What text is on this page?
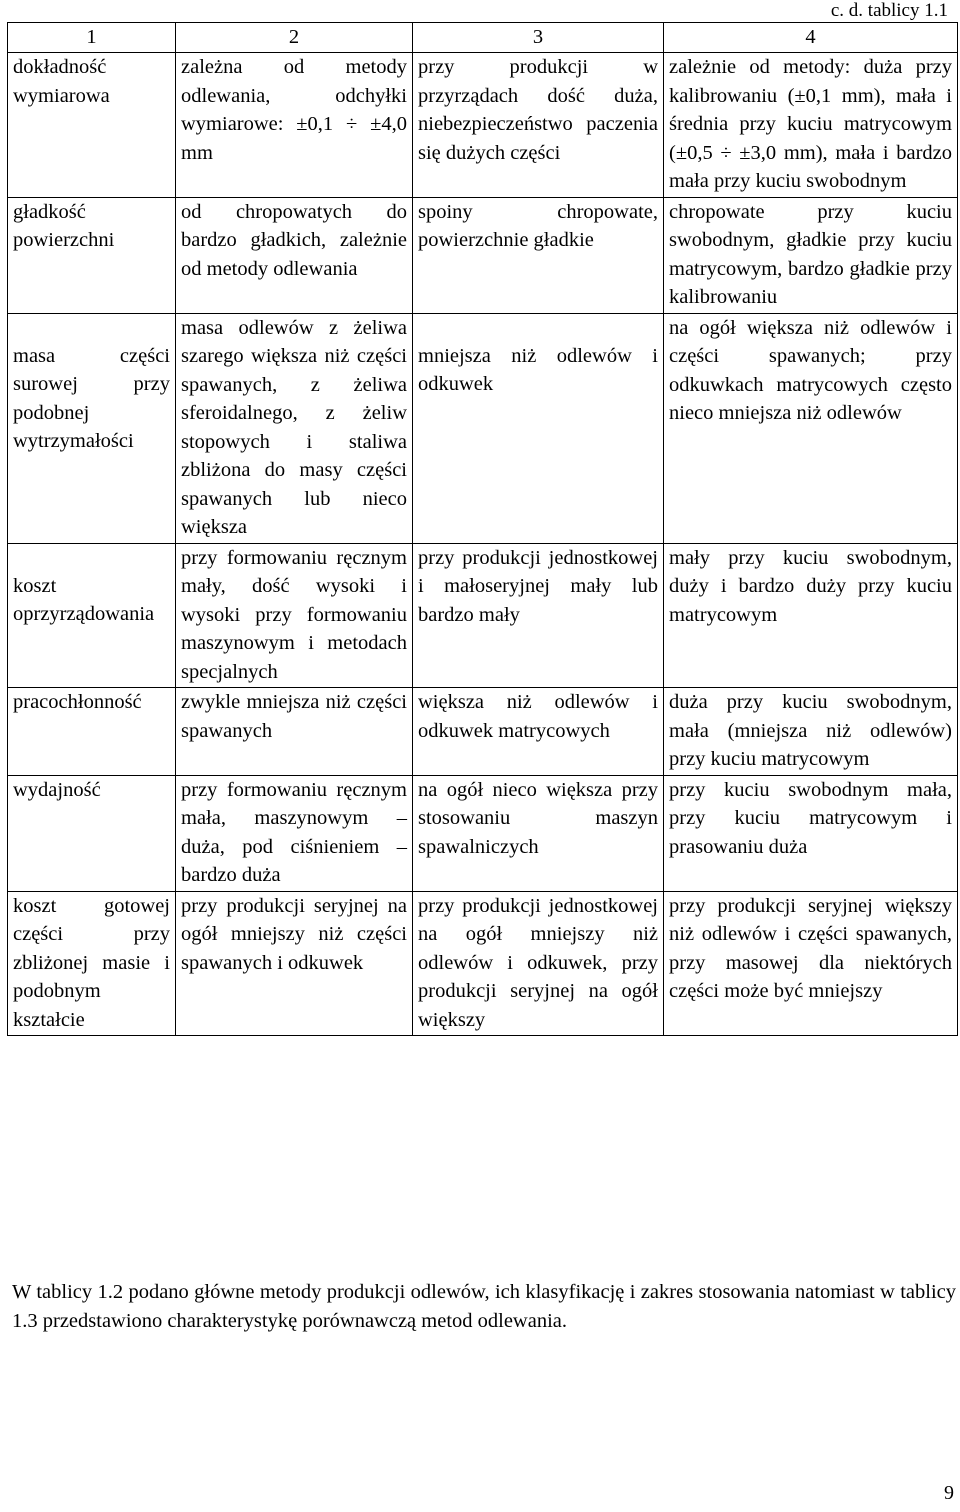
c. d. tablicy 1.1
1	2	3	4
dokładność wymiarowa	zależna od metody odlewania, odchyłki wymiarowe: ±0,1 ÷ ±4,0 mm	przy produkcji w przyrządach dość duża, niebezpieczeństwo paczenia się dużych części	zależnie od metody: duża przy kalibrowaniu (±0,1 mm), mała i średnia przy kuciu matrycowym (±0,5 ÷ ±3,0 mm), mała i bardzo mała przy kuciu swobodnym
gładkość powierzchni	od chropowatych do bardzo gładkich, zależnie od metody odlewania	spoiny chropowate, powierzchnie gładkie	chropowate przy kuciu swobodnym, gładkie przy kuciu matrycowym, bardzo gładkie przy kalibrowaniu
masa części surowej przy podobnej wytrzymałości	masa odlewów z żeliwa szarego większa niż części spawanych, z żeliwa sferoidalnego, z żeliw stopowych i staliwa zbliżona do masy części spawanych lub nieco większa	mniejsza niż odlewów i odkuwek	na ogół większa niż odlewów i części spawanych; przy odkuwkach matrycowych często nieco mniejsza niż odlewów
koszt oprzyrządowania	przy formowaniu ręcznym mały, dość wysoki i wysoki przy formowaniu maszynowym i metodach specjalnych	przy produkcji jednostkowej i małoseryjnej mały lub bardzo mały	mały przy kuciu swobodnym, duży i bardzo duży przy kuciu matrycowym
pracochłonność	zwykle mniejsza niż części spawanych	większa niż odlewów i odkuwek matrycowych	duża przy kuciu swobodnym, mała (mniejsza niż odlewów) przy kuciu matrycowym
wydajność	przy formowaniu ręcznym mała, maszynowym – duża, pod ciśnieniem – bardzo duża	na ogół nieco większa przy stosowaniu maszyn spawalniczych	przy kuciu swobodnym mała, przy kuciu matrycowym i prasowaniu duża
koszt gotowej części przy zbliżonej masie i podobnym kształcie	przy produkcji seryjnej na ogół mniejszy niż części spawanych i odkuwek	przy produkcji jednostkowej na ogół mniejszy niż odlewów i odkuwek, przy produkcji seryjnej na ogół większy	przy produkcji seryjnej większy niż odlewów i części spawanych, przy masowej dla niektórych części może być mniejszy
W tablicy 1.2 podano główne metody produkcji odlewów, ich klasyfikację i zakres stosowania natomiast w tablicy 1.3 przedstawiono charakterystykę porównawczą metod odlewania.
9
